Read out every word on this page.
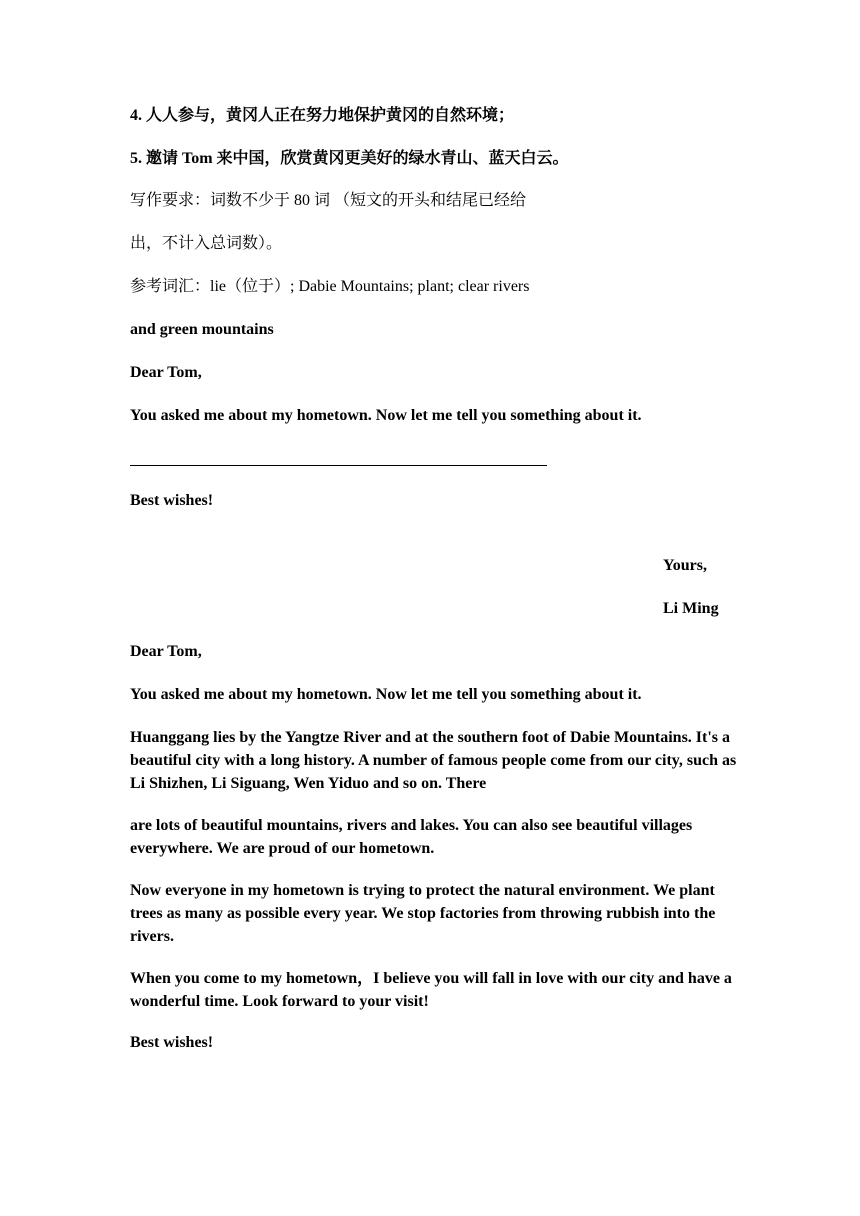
4. 人人参与，黄冈人正在努力地保护黄冈的自然环境；
5. 邀请 Tom 来中国，欣赏黄冈更美好的绿水青山、蓝天白云。
写作要求：词数不少于 80 词 （短文的开头和结尾已经给
出，不计入总词数）。
参考词汇：lie（位于）; Dabie Mountains; plant; clear rivers
and green mountains
Dear Tom,
You asked me about my hometown. Now let me tell you something about it.
Best wishes!
Yours,
Li Ming
Dear Tom,
You asked me about my hometown. Now let me tell you something about it.
Huanggang lies by the Yangtze River and at the southern foot of Dabie Mountains. It's a beautiful city with a long history. A number of famous people come from our city, such as Li Shizhen, Li Siguang, Wen Yiduo and so on. There
are lots of beautiful mountains, rivers and lakes. You can also see beautiful villages everywhere. We are proud of our hometown.
Now everyone in my hometown is trying to protect the natural environment. We plant trees as many as possible every year. We stop factories from throwing rubbish into the rivers.
When you come to my hometown，I believe you will fall in love with our city and have a wonderful time. Look forward to your visit!
Best wishes!
